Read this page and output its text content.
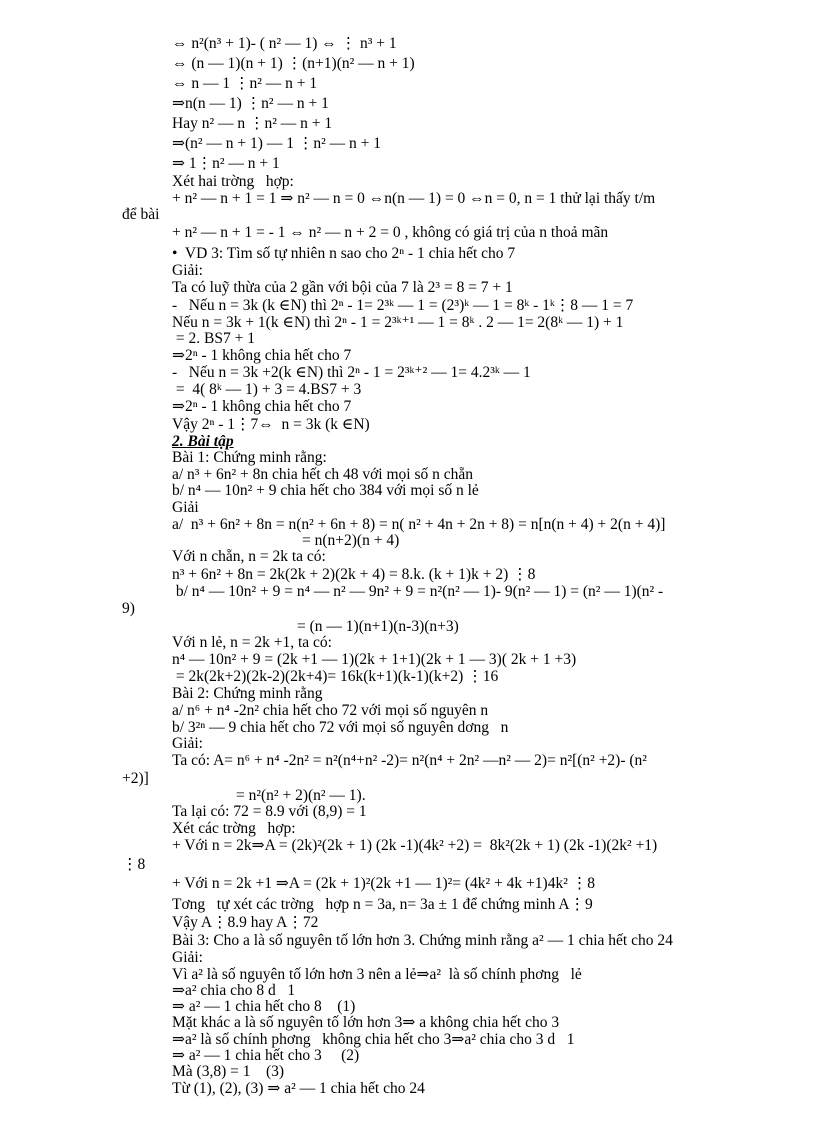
⇔ n²(n³ + 1)- ( n² — 1) ⇔ ⋮ n³ + 1
⇔ (n — 1)(n + 1) ⋮(n+1)(n² — n + 1)
⇔ n — 1 ⋮n² — n + 1
⇒n(n — 1) ⋮n² — n + 1
Hay n² — n ⋮n² — n + 1
⇒(n² — n + 1) — 1 ⋮n² — n + 1
⇒ 1⋮n² — n + 1
Xét hai trờng   hợp:
+ n² — n + 1 = 1 ⇒ n² — n = 0 ⇔n(n — 1) = 0 ⇔n = 0, n = 1 thử lại thấy t/m
để bài
+ n² — n + 1 = - 1 ⇔ n² — n + 2 = 0 , không có giá trị của n thoả mãn
•  VD 3: Tìm số tự nhiên n sao cho 2ⁿ - 1 chia hết cho 7
Giải:
Ta có luỹ thừa của 2 gần với bội của 7 là 2³ = 8 = 7 + 1
-   Nếu n = 3k (k ∈N) thì 2ⁿ - 1= 2³ᵏ — 1 = (2³)ᵏ — 1 = 8ᵏ - 1ᵏ⋮8 — 1 = 7
Nếu n = 3k + 1(k ∈N) thì 2ⁿ - 1 = 2³ᵏ⁺¹ — 1 = 8ᵏ . 2 — 1= 2(8ᵏ — 1) + 1
= 2. BS7 + 1
⇒2ⁿ - 1 không chia hết cho 7
-   Nếu n = 3k +2(k ∈N) thì 2ⁿ - 1 = 2³ᵏ⁺² — 1= 4.2³ᵏ — 1
=  4( 8ᵏ — 1) + 3 = 4.BS7 + 3
⇒2ⁿ - 1 không chia hết cho 7
Vậy 2ⁿ - 1⋮7⇔  n = 3k (k ∈N)
2. Bài tập
Bài 1: Chứng minh rằng:
a/ n³ + 6n² + 8n chia hết ch 48 với mọi số n chẵn
b/ n⁴ — 10n² + 9 chia hết cho 384 với mọi số n lẻ
Giải
a/  n³ + 6n² + 8n = n(n² + 6n + 8) = n( n² + 4n + 2n + 8) = n[n(n + 4) + 2(n + 4)]
= n(n+2)(n + 4)
Với n chẵn, n = 2k ta có:
n³ + 6n² + 8n = 2k(2k + 2)(2k + 4) = 8.k. (k + 1)k + 2) ⋮8
b/ n⁴ — 10n² + 9 = n⁴ — n² — 9n² + 9 = n²(n² — 1)- 9(n² — 1) = (n² — 1)(n² -
9)
= (n — 1)(n+1)(n-3)(n+3)
Với n lẻ, n = 2k +1, ta có:
n⁴ — 10n² + 9 = (2k +1 — 1)(2k + 1+1)(2k + 1 — 3)( 2k + 1 +3)
= 2k(2k+2)(2k-2)(2k+4)= 16k(k+1)(k-1)(k+2) ⋮16
Bài 2: Chứng minh rằng
a/ n⁶ + n⁴ -2n² chia hết cho 72 với mọi số nguyên n
b/ 3²ⁿ — 9 chia hết cho 72 với mọi số nguyên dơng   n
Giải:
Ta có: A= n⁶ + n⁴ -2n² = n²(n⁴+n² -2)= n²(n⁴ + 2n² —n² — 2)= n²[(n² +2)- (n²
+2)]
= n²(n² + 2)(n² — 1).
Ta lại có: 72 = 8.9 với (8,9) = 1
Xét các trờng   hợp:
+ Với n = 2k⇒A = (2k)²(2k + 1) (2k -1)(4k² +2) =  8k²(2k + 1) (2k -1)(2k² +1)
⋮8
+ Với n = 2k +1 ⇒A = (2k + 1)²(2k +1 — 1)²= (4k² + 4k +1)4k² ⋮8
Tơng   tự xét các trờng   hợp n = 3a, n= 3a ± 1 để chứng minh A⋮9
Vậy A⋮8.9 hay A⋮72
Bài 3: Cho a là số nguyên tố lớn hơn 3. Chứng minh rằng a² — 1 chia hết cho 24
Giải:
Vì a² là số nguyên tố lớn hơn 3 nên a lẻ⇒a²  là số chính phơng   lẻ
⇒a² chia cho 8 d   1
⇒ a² — 1 chia hết cho 8    (1)
Mặt khác a là số nguyên tố lớn hơn 3⇒ a không chia hết cho 3
⇒a² là số chính phơng   không chia hết cho 3⇒a² chia cho 3 d   1
⇒ a² — 1 chia hết cho 3     (2)
Mà (3,8) = 1    (3)
Từ (1), (2), (3) ⇒ a² — 1 chia hết cho 24
